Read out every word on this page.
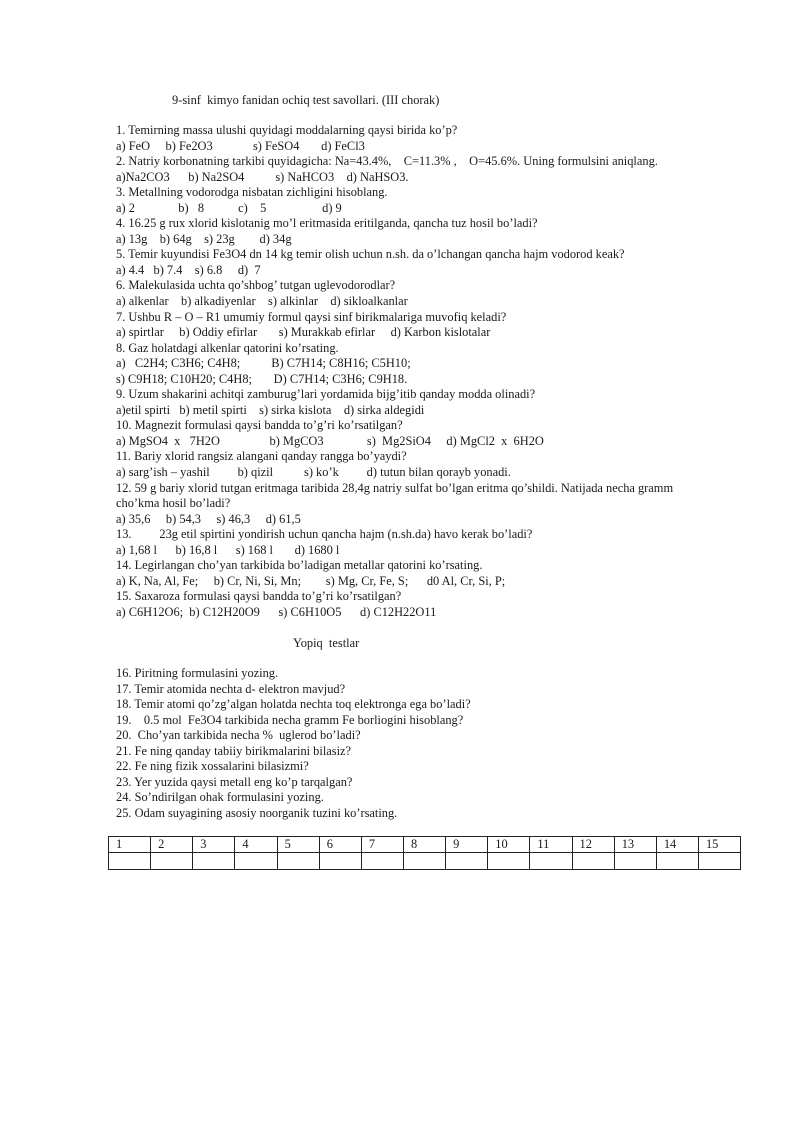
9-sinf  kimyo fanidan ochiq test savollari. (III chorak)
1. Temirning massa ulushi quyidagi moddalarning qaysi birida ko’p?
a) FeO     b) Fe2O3             s) FeSO4       d) FeCl3
2. Natriy korbonatning tarkibi quyidagicha: Na=43.4%,    C=11.3% ,    O=45.6%. Uning formulsini aniqlang.
a)Na2CO3      b) Na2SO4          s) NaHCO3    d) NaHSO3.
3. Metallning vodorodga nisbatan zichligini hisoblang.
a) 2              b)   8           c)    5                  d) 9
4. 16.25 g rux xlorid kislotanig mo’l eritmasida eritilganda, qancha tuz hosil bo’ladi?
a) 13g    b) 64g    s) 23g        d) 34g
5. Temir kuyundisi Fe3O4 dn 14 kg temir olish uchun n.sh. da o’lchangan qancha hajm vodorod keak?
a) 4.4   b) 7.4    s) 6.8     d)  7
6. Malekulasida uchta qo’shbog’ tutgan uglevodorodlar?
a) alkenlar    b) alkadiyenlar    s) alkinlar    d) sikloalkanlar
7. Ushbu R – O – R1 umumiy formul qaysi sinf birikmalariga muvofiq keladi?
a) spirtlar     b) Oddiy efirlar       s) Murakkab efirlar     d) Karbon kislotalar
8. Gaz holatdagi alkenlar qatorini ko’rsating.
a)   C2H4; C3H6; C4H8;          B) C7H14; C8H16; C5H10;
s) C9H18; C10H20; C4H8;       D) C7H14; C3H6; C9H18.
9. Uzum shakarini achitqi zamburug’lari yordamida bijg’itib qanday modda olinadi?
a)etil spirti   b) metil spirti    s) sirka kislota    d) sirka aldegidi
10. Magnezit formulasi qaysi bandda to’g’ri ko’rsatilgan?
a) MgSO4  x   7H2O                b) MgCO3              s)  Mg2SiO4     d) MgCl2  x  6H2O
11. Bariy xlorid rangsiz alangani qanday rangga bo’yaydi?
a) sarg’ish – yashil         b) qizil          s) ko’k         d) tutun bilan qorayb yonadi.
12. 59 g bariy xlorid tutgan eritmaga taribida 28,4g natriy sulfat bo’lgan eritma qo’shildi. Natijada necha gramm
cho’kma hosil bo’ladi?
a) 35,6     b) 54,3     s) 46,3     d) 61,5
13.         23g etil spirtini yondirish uchun qancha hajm (n.sh.da) havo kerak bo’ladi?
a) 1,68 l      b) 16,8 l      s) 168 l       d) 1680 l
14. Legirlangan cho’yan tarkibida bo’ladigan metallar qatorini ko’rsating.
a) K, Na, Al, Fe;     b) Cr, Ni, Si, Mn;        s) Mg, Cr, Fe, S;      d0 Al, Cr, Si, P;
15. Saxaroza formulasi qaysi bandda to’g’ri ko’rsatilgan?
a) C6H12O6;  b) C12H20O9      s) C6H10O5      d) C12H22O11
Yopiq  testlar
16. Piritning formulasini yozing.
17. Temir atomida nechta d- elektron mavjud?
18. Temir atomi qo’zg’algan holatda nechta toq elektronga ega bo’ladi?
19.    0.5 mol  Fe3O4 tarkibida necha gramm Fe borliogini hisoblang?
20.  Cho’yan tarkibida necha %  uglerod bo’ladi?
21. Fe ning qanday tabiiy birikmalarini bilasiz?
22. Fe ning fizik xossalarini bilasizmi?
23. Yer yuzida qaysi metall eng ko’p tarqalgan?
24. So’ndirilgan ohak formulasini yozing.
25. Odam suyagining asosiy noorganik tuzini ko’rsating.
1	2	3	4	5	6	7	8	9	10	11	12	13	14	15
